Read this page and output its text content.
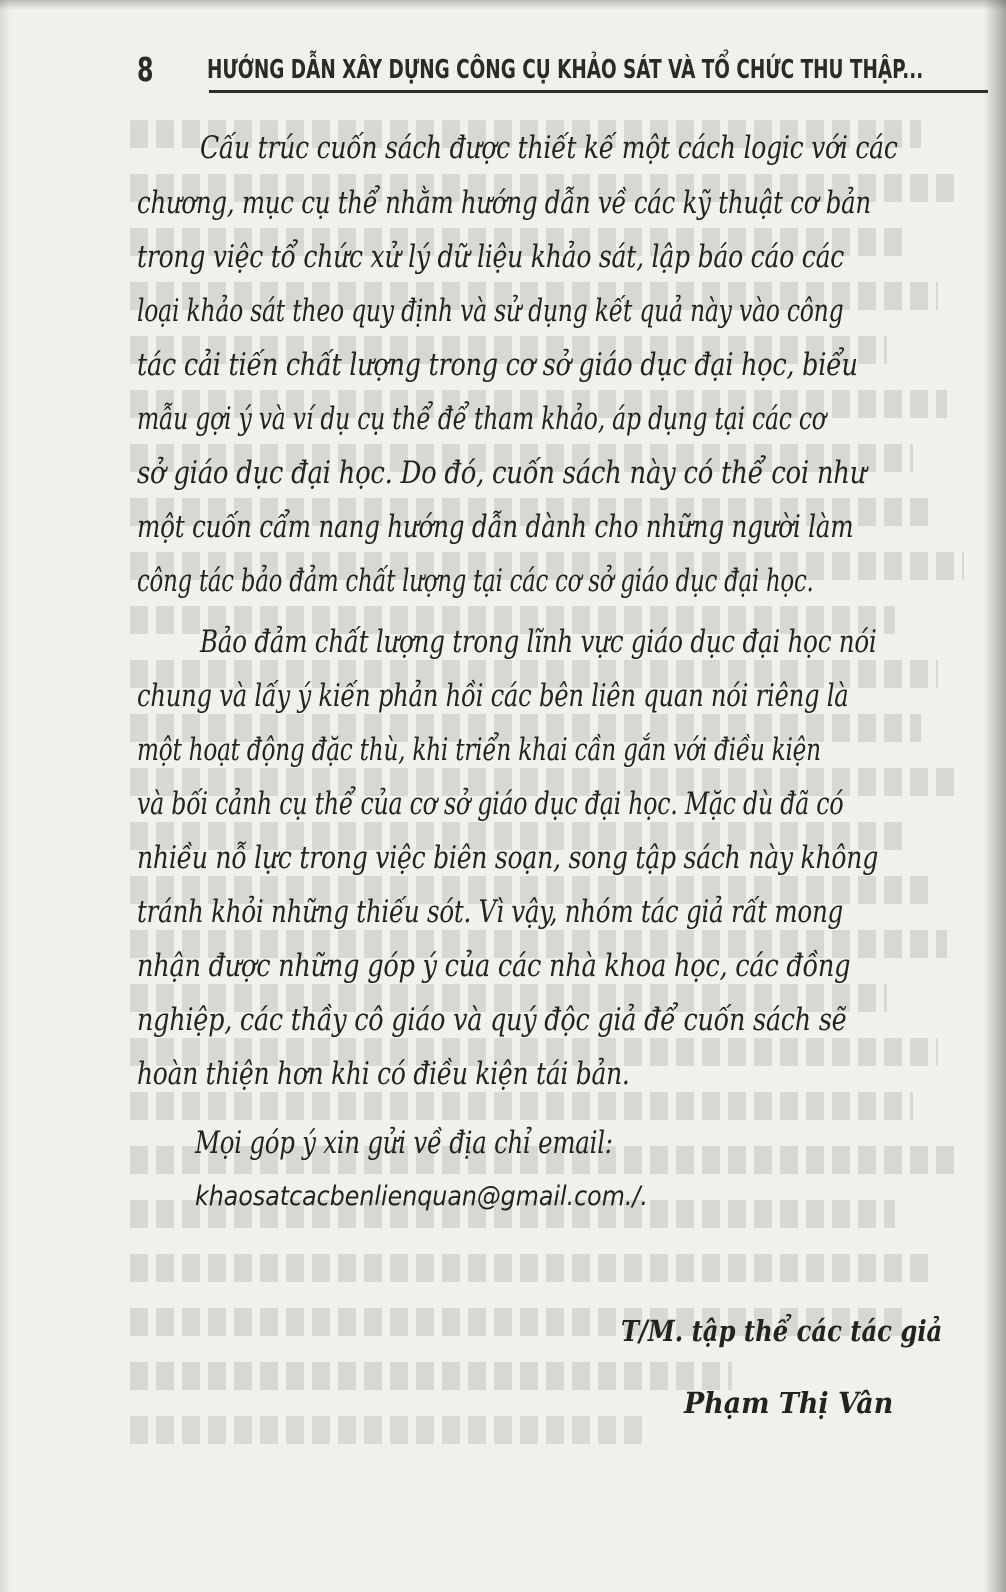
8 HƯỚNG DẪN XÂY DỰNG CÔNG CỤ KHẢO SÁT VÀ TỔ CHỨC THU THẬP...
Cấu trúc cuốn sách được thiết kế một cách logic với các
chương, mục cụ thể nhằm hướng dẫn về các kỹ thuật cơ bản
trong việc tổ chức xử lý dữ liệu khảo sát, lập báo cáo các
loại khảo sát theo quy định và sử dụng kết quả này vào công
tác cải tiến chất lượng trong cơ sở giáo dục đại học, biểu
mẫu gợi ý và ví dụ cụ thể để tham khảo, áp dụng tại các cơ
sở giáo dục đại học. Do đó, cuốn sách này có thể coi như
một cuốn cẩm nang hướng dẫn dành cho những người làm
công tác bảo đảm chất lượng tại các cơ sở giáo dục đại học.
Bảo đảm chất lượng trong lĩnh vực giáo dục đại học nói
chung và lấy ý kiến phản hồi các bên liên quan nói riêng là
một hoạt động đặc thù, khi triển khai cần gắn với điều kiện
và bối cảnh cụ thể của cơ sở giáo dục đại học. Mặc dù đã có
nhiều nỗ lực trong việc biên soạn, song tập sách này không
tránh khỏi những thiếu sót. Vì vậy, nhóm tác giả rất mong
nhận được những góp ý của các nhà khoa học, các đồng
nghiệp, các thầy cô giáo và quý độc giả để cuốn sách sẽ
hoàn thiện hơn khi có điều kiện tái bản.
Mọi góp ý xin gửi về địa chỉ email:
khaosatcacbenlienquan@gmail.com./.
T/M. tập thể các tác giả
Phạm Thị Vân
